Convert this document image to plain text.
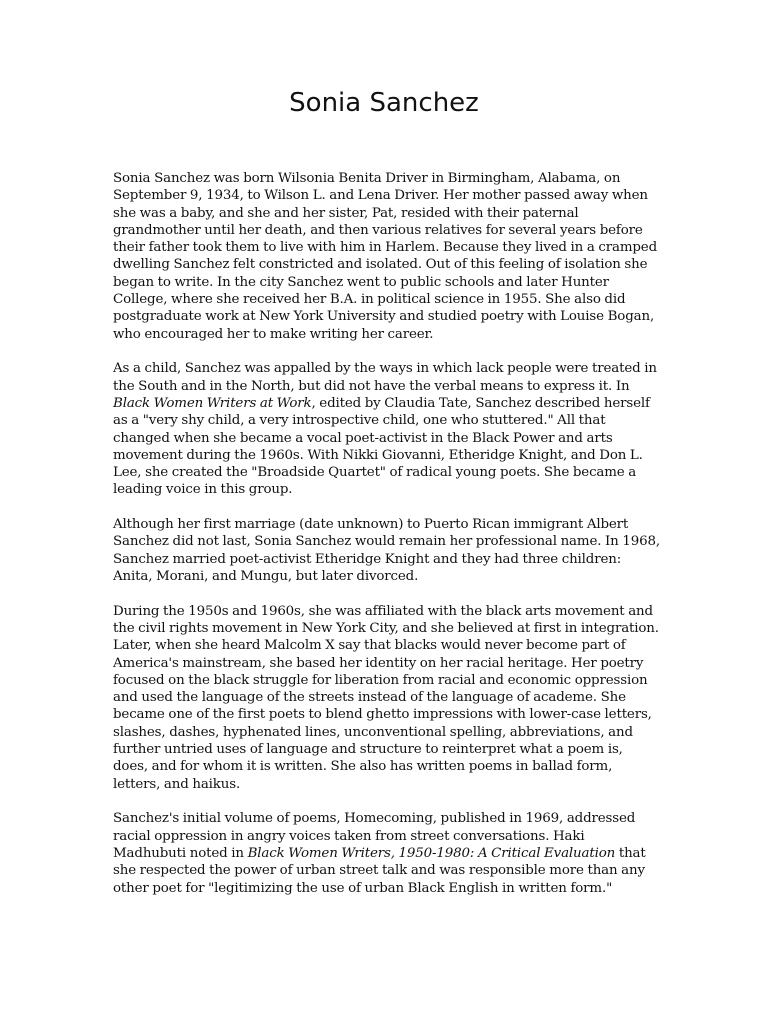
Sonia Sanchez

Sonia Sanchez was born Wilsonia Benita Driver in Birmingham, Alabama, on September 9, 1934, to Wilson L. and Lena Driver. Her mother passed away when she was a baby, and she and her sister, Pat, resided with their paternal grandmother until her death, and then various relatives for several years before their father took them to live with him in Harlem. Because they lived in a cramped dwelling Sanchez felt constricted and isolated. Out of this feeling of isolation she began to write. In the city Sanchez went to public schools and later Hunter College, where she received her B.A. in political science in 1955. She also did postgraduate work at New York University and studied poetry with Louise Bogan, who encouraged her to make writing her career.

As a child, Sanchez was appalled by the ways in which lack people were treated in the South and in the North, but did not have the verbal means to express it. In Black Women Writers at Work, edited by Claudia Tate, Sanchez described herself as a "very shy child, a very introspective child, one who stuttered." All that changed when she became a vocal poet-activist in the Black Power and arts movement during the 1960s. With Nikki Giovanni, Etheridge Knight, and Don L. Lee, she created the "Broadside Quartet" of radical young poets. She became a leading voice in this group.

Although her first marriage (date unknown) to Puerto Rican immigrant Albert Sanchez did not last, Sonia Sanchez would remain her professional name. In 1968, Sanchez married poet-activist Etheridge Knight and they had three children: Anita, Morani, and Mungu, but later divorced.

During the 1950s and 1960s, she was affiliated with the black arts movement and the civil rights movement in New York City, and she believed at first in integration. Later, when she heard Malcolm X say that blacks would never become part of America's mainstream, she based her identity on her racial heritage. Her poetry focused on the black struggle for liberation from racial and economic oppression and used the language of the streets instead of the language of academe. She became one of the first poets to blend ghetto impressions with lower-case letters, slashes, dashes, hyphenated lines, unconventional spelling, abbreviations, and further untried uses of language and structure to reinterpret what a poem is, does, and for whom it is written. She also has written poems in ballad form, letters, and haikus.

Sanchez's initial volume of poems, Homecoming, published in 1969, addressed racial oppression in angry voices taken from street conversations. Haki Madhubuti noted in Black Women Writers, 1950-1980: A Critical Evaluation that she respected the power of urban street talk and was responsible more than any other poet for "legitimizing the use of urban Black English in written form."
